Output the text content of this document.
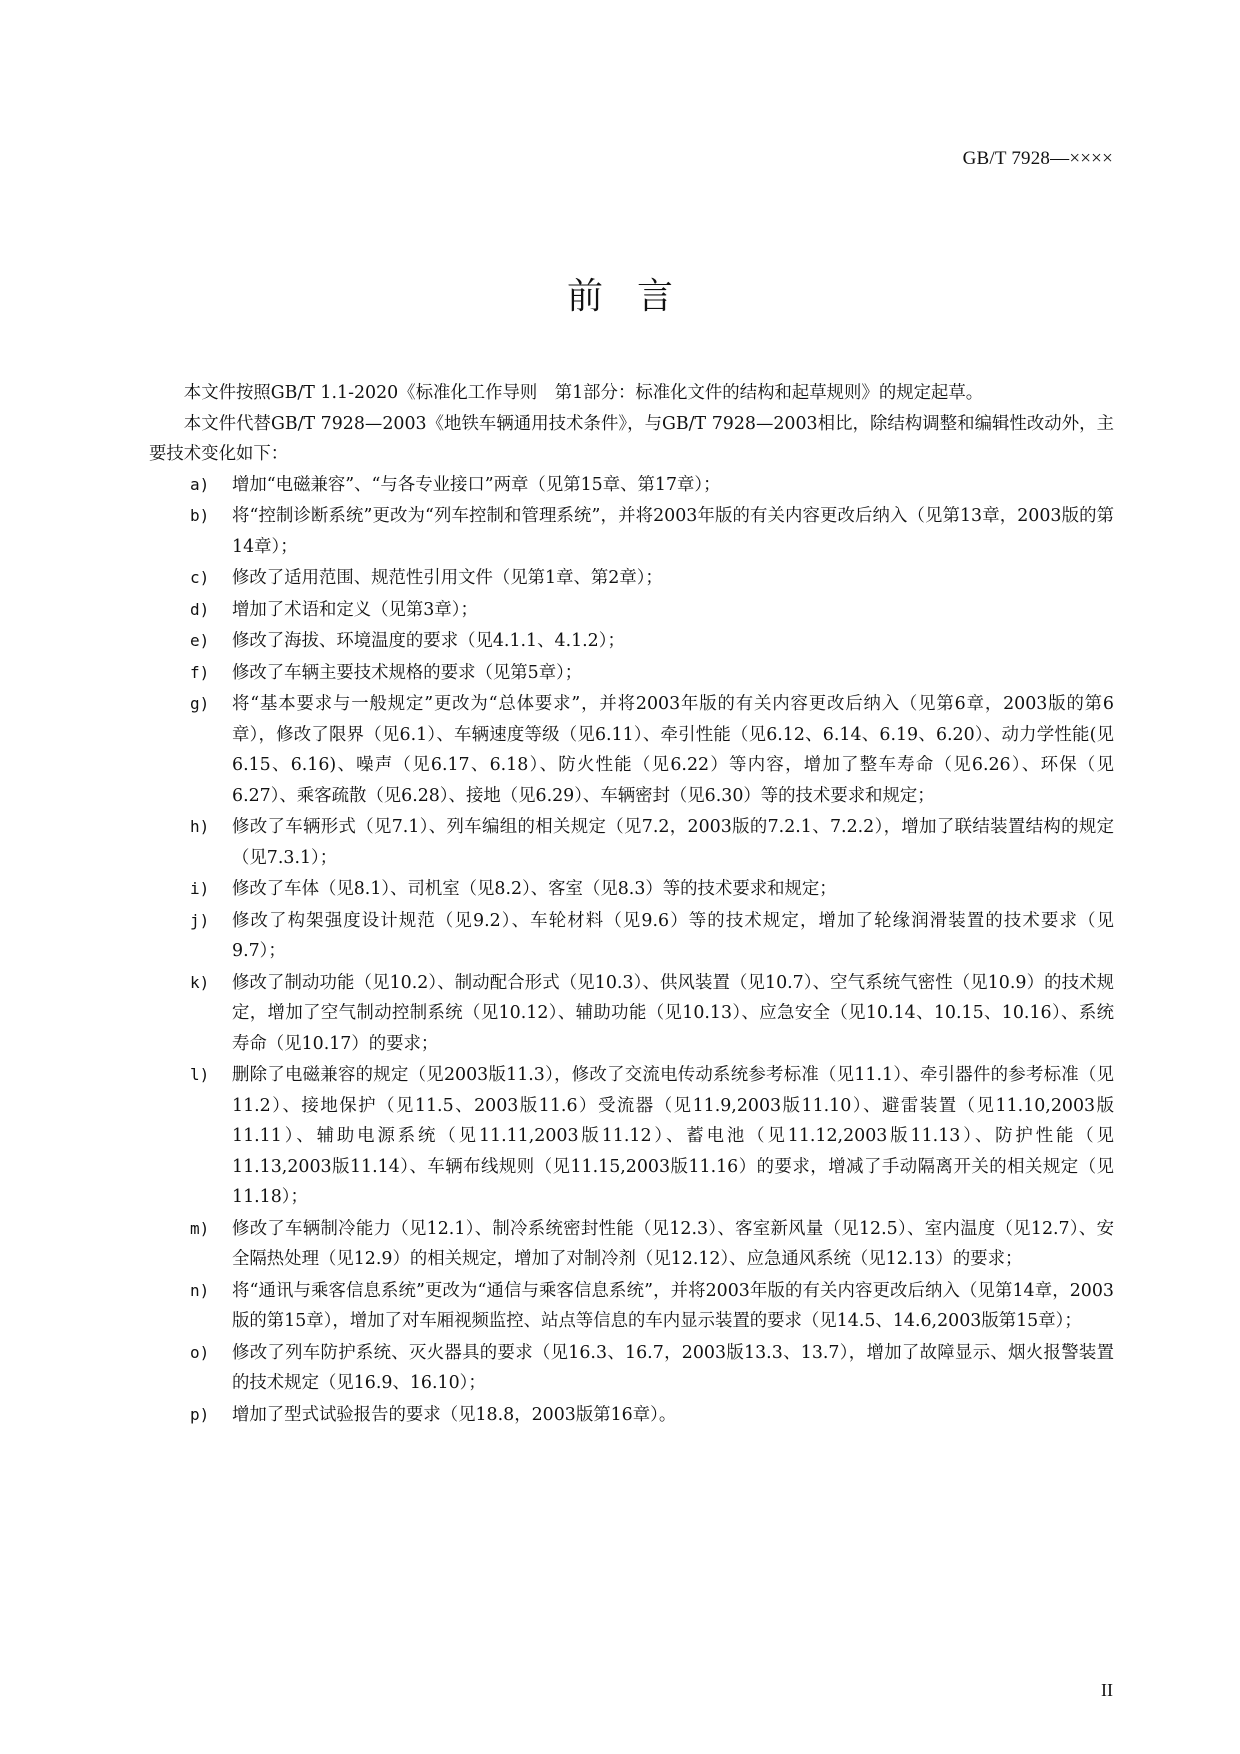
GB/T 7928—××××
前言

本文件按照GB/T 1.1-2020《标准化工作导则　第1部分：标准化文件的结构和起草规则》的规定起草。

本文件代替GB/T 7928—2003《地铁车辆通用技术条件》，与GB/T 7928—2003相比，除结构调整和编辑性改动外，主要技术变化如下：

a)	增加“电磁兼容”、“与各专业接口”两章（见第15章、第17章）；
b)	将“控制诊断系统”更改为“列车控制和管理系统”，并将2003年版的有关内容更改后纳入（见第13章，2003版的第14章）；
c)	修改了适用范围、规范性引用文件（见第1章、第2章）；
d)	增加了术语和定义（见第3章）；
e)	修改了海拔、环境温度的要求（见4.1.1、4.1.2）；
f)	修改了车辆主要技术规格的要求（见第5章）；
g)	将“基本要求与一般规定”更改为“总体要求”，并将2003年版的有关内容更改后纳入（见第6章，2003版的第6章），修改了限界（见6.1）、车辆速度等级（见6.11）、牵引性能（见6.12、6.14、6.19、6.20）、动力学性能(见6.15、6.16)、噪声（见6.17、6.18）、防火性能（见6.22）等内容，增加了整车寿命（见6.26）、环保（见6.27）、乘客疏散（见6.28）、接地（见6.29）、车辆密封（见6.30）等的技术要求和规定；
h)	修改了车辆形式（见7.1）、列车编组的相关规定（见7.2，2003版的7.2.1、7.2.2），增加了联结装置结构的规定（见7.3.1）；
i)	修改了车体（见8.1）、司机室（见8.2）、客室（见8.3）等的技术要求和规定；
j)	修改了构架强度设计规范（见9.2）、车轮材料（见9.6）等的技术规定，增加了轮缘润滑装置的技术要求（见9.7）；
k)	修改了制动功能（见10.2）、制动配合形式（见10.3）、供风装置（见10.7）、空气系统气密性（见10.9）的技术规定，增加了空气制动控制系统（见10.12）、辅助功能（见10.13）、应急安全（见10.14、10.15、10.16）、系统寿命（见10.17）的要求；
l)	删除了电磁兼容的规定（见2003版11.3），修改了交流电传动系统参考标准（见11.1）、牵引器件的参考标准（见11.2）、接地保护（见11.5、2003版11.6）受流器（见11.9,2003版11.10）、避雷装置（见11.10,2003版11.11）、辅助电源系统（见11.11,2003版11.12）、蓄电池（见11.12,2003版11.13）、防护性能（见11.13,2003版11.14）、车辆布线规则（见11.15,2003版11.16）的要求，增减了手动隔离开关的相关规定（见11.18）；
m)	修改了车辆制冷能力（见12.1）、制冷系统密封性能（见12.3）、客室新风量（见12.5）、室内温度（见12.7）、安全隔热处理（见12.9）的相关规定，增加了对制冷剂（见12.12）、应急通风系统（见12.13）的要求；
n)	将“通讯与乘客信息系统”更改为“通信与乘客信息系统”，并将2003年版的有关内容更改后纳入（见第14章，2003版的第15章），增加了对车厢视频监控、站点等信息的车内显示装置的要求（见14.5、14.6,2003版第15章）；
o)	修改了列车防护系统、灭火器具的要求（见16.3、16.7，2003版13.3、13.7），增加了故障显示、烟火报警装置的技术规定（见16.9、16.10）；
p)	增加了型式试验报告的要求（见18.8，2003版第16章）。
II
